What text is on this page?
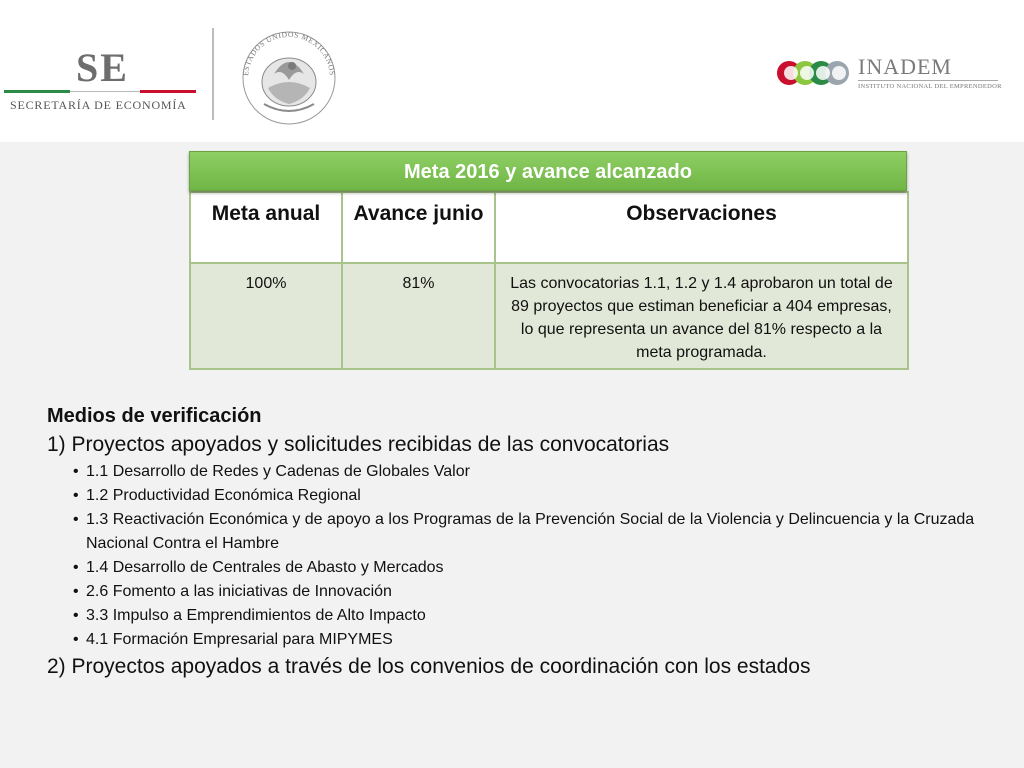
SE
SECRETARÍA DE ECONOMÍA
ESTADOS UNIDOS MEXICANOS	INADEM
INSTITUTO NACIONAL DEL EMPRENDEDOR
Meta 2016 y avance alcanzado
Meta anual	Avance junio	Observaciones
100%	81%	Las convocatorias 1.1, 1.2 y 1.4 aprobaron un total de 89 proyectos que estiman beneficiar a 404 empresas, lo que representa un avance del 81% respecto a la meta programada.
Medios de verificación
1) Proyectos apoyados y solicitudes recibidas de las convocatorias
• 1.1 Desarrollo de Redes y Cadenas de Globales Valor
• 1.2 Productividad Económica Regional
• 1.3 Reactivación Económica y de apoyo a los Programas de la Prevención Social de la Violencia y Delincuencia y la Cruzada Nacional Contra el Hambre
• 1.4 Desarrollo de Centrales de Abasto y Mercados
• 2.6 Fomento a las iniciativas de Innovación
• 3.3 Impulso a Emprendimientos de Alto Impacto
• 4.1 Formación Empresarial para MIPYMES
2) Proyectos apoyados a través de los convenios de coordinación con los estados
